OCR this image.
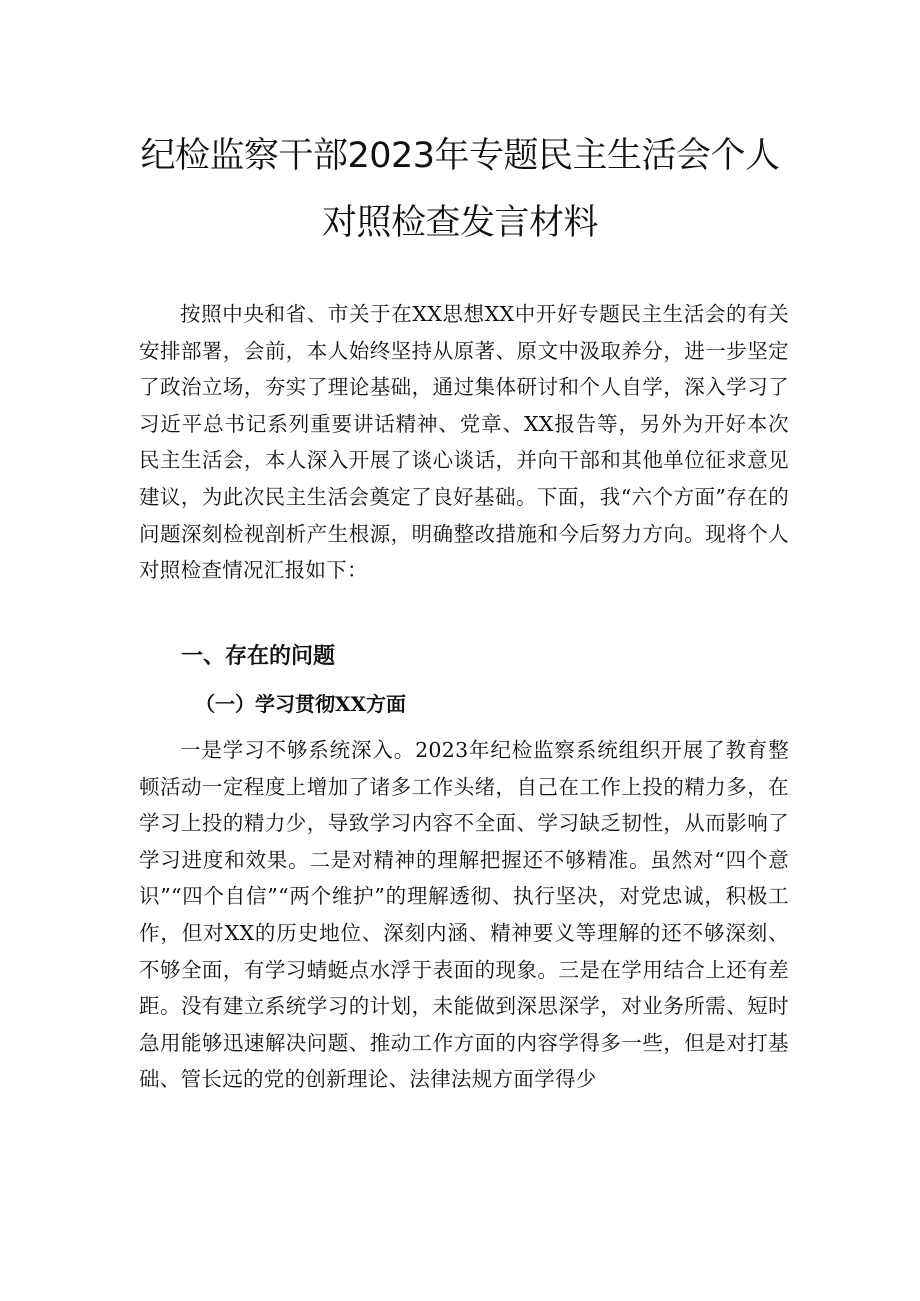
纪检监察干部2023年专题民主生活会个人
对照检查发言材料

按照中央和省、市关于在XX思想XX中开好专题民主生活会的有关安排部署，会前，本人始终坚持从原著、原文中汲取养分，进一步坚定了政治立场，夯实了理论基础，通过集体研讨和个人自学，深入学习了习近平总书记系列重要讲话精神、党章、XX报告等，另外为开好本次民主生活会，本人深入开展了谈心谈话，并向干部和其他单位征求意见建议，为此次民主生活会奠定了良好基础。下面，我“六个方面”存在的问题深刻检视剖析产生根源，明确整改措施和今后努力方向。现将个人对照检查情况汇报如下：

一、存在的问题
（一）学习贯彻XX方面

一是学习不够系统深入。2023年纪检监察系统组织开展了教育整顿活动一定程度上增加了诸多工作头绪，自己在工作上投的精力多，在学习上投的精力少，导致学习内容不全面、学习缺乏韧性，从而影响了学习进度和效果。二是对精神的理解把握还不够精准。虽然对“四个意识”“四个自信”“两个维护”的理解透彻、执行坚决，对党忠诚，积极工作，但对XX的历史地位、深刻内涵、精神要义等理解的还不够深刻、不够全面，有学习蜻蜓点水浮于表面的现象。三是在学用结合上还有差距。没有建立系统学习的计划，未能做到深思深学，对业务所需、短时急用能够迅速解决问题、推动工作方面的内容学得多一些，但是对打基础、管长远的党的创新理论、法律法规方面学得少
